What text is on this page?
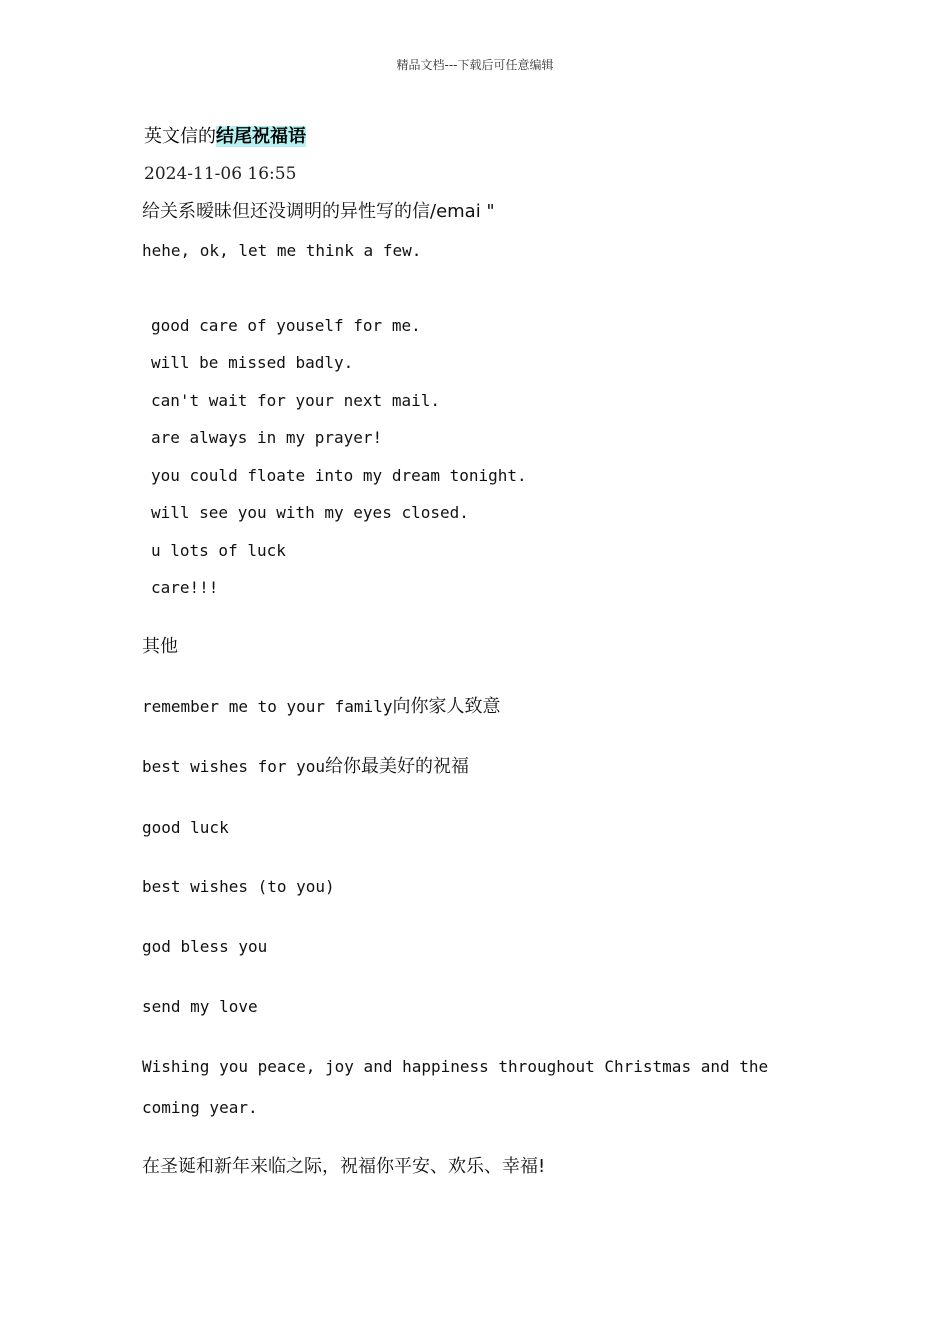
精品文档---下载后可任意编辑
英文信的结尾祝福语
2024-11-06 16:55
给关系暧昧但还没调明的异性写的信/emai "
hehe, ok, let me think a few.
good care of youself for me.
will be missed badly.
can't wait for your next mail.
are always in my prayer!
you could floate into my dream tonight.
will see you with my eyes closed.
u lots of luck
care!!!
其他
remember me to your family向你家人致意
best wishes for you给你最美好的祝福
good luck
best wishes (to you)
god bless you
send my love
Wishing you peace, joy and happiness throughout Christmas and the
coming year.
在圣诞和新年来临之际，祝福你平安、欢乐、幸福!
